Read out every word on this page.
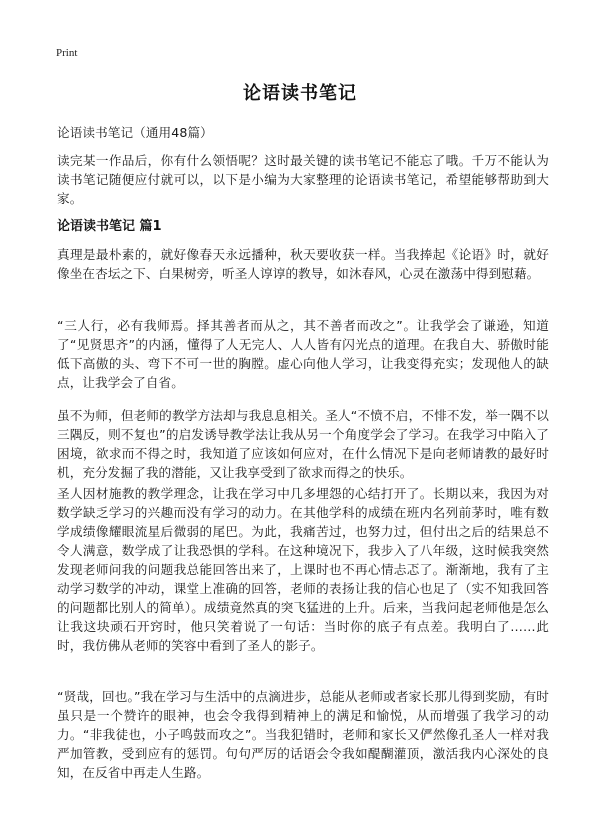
Print
论语读书笔记
论语读书笔记（通用48篇）
读完某一作品后，你有什么领悟呢？这时最关键的读书笔记不能忘了哦。千万不能认为读书笔记随便应付就可以，以下是小编为大家整理的论语读书笔记，希望能够帮助到大家。
论语读书笔记 篇1
真理是最朴素的，就好像春天永远播种，秋天要收获一样。当我捧起《论语》时，就好像坐在杏坛之下、白果树旁，听圣人谆谆的教导，如沐春风，心灵在激荡中得到慰藉。
“三人行，必有我师焉。择其善者而从之，其不善者而改之”。让我学会了谦逊，知道了“见贤思齐”的内涵，懂得了人无完人、人人皆有闪光点的道理。在我自大、骄傲时能低下高傲的头、弯下不可一世的胸膛。虚心向他人学习，让我变得充实；发现他人的缺点，让我学会了自省。
虽不为师，但老师的教学方法却与我息息相关。圣人“不愤不启，不悱不发，举一隅不以三隅反，则不复也”的启发诱导教学法让我从另一个角度学会了学习。在我学习中陷入了困境，欲求而不得之时，我知道了应该如何应对，在什么情况下是向老师请教的最好时机，充分发掘了我的潜能，又让我享受到了欲求而得之的快乐。
圣人因材施教的教学理念，让我在学习中几多埋怨的心结打开了。长期以来，我因为对数学缺乏学习的兴趣而没有学习的动力。在其他学科的成绩在班内名列前茅时，唯有数学成绩像耀眼流星后微弱的尾巴。为此，我痛苦过，也努力过，但付出之后的结果总不令人满意，数学成了让我恐惧的学科。在这种境况下，我步入了八年级，这时候我突然发现老师问我的问题我总能回答出来了，上课时也不再心情忐忑了。渐渐地，我有了主动学习数学的冲动，课堂上准确的回答，老师的表扬让我的信心也足了（实不知我回答的问题都比别人的简单）。成绩竟然真的突飞猛进的上升。后来，当我问起老师他是怎么让我这块顽石开窍时，他只笑着说了一句话：当时你的底子有点差。我明白了……此时，我仿佛从老师的笑容中看到了圣人的影子。
“贤哉，回也。”我在学习与生活中的点滴进步，总能从老师或者家长那儿得到奖励，有时虽只是一个赞许的眼神，也会令我得到精神上的满足和愉悦，从而增强了我学习的动力。“非我徒也，小子鸣鼓而攻之”。当我犯错时，老师和家长又俨然像孔圣人一样对我严加管教，受到应有的惩罚。句句严厉的话语会令我如醍醐灌顶，激活我内心深处的良知，在反省中再走人生路。
